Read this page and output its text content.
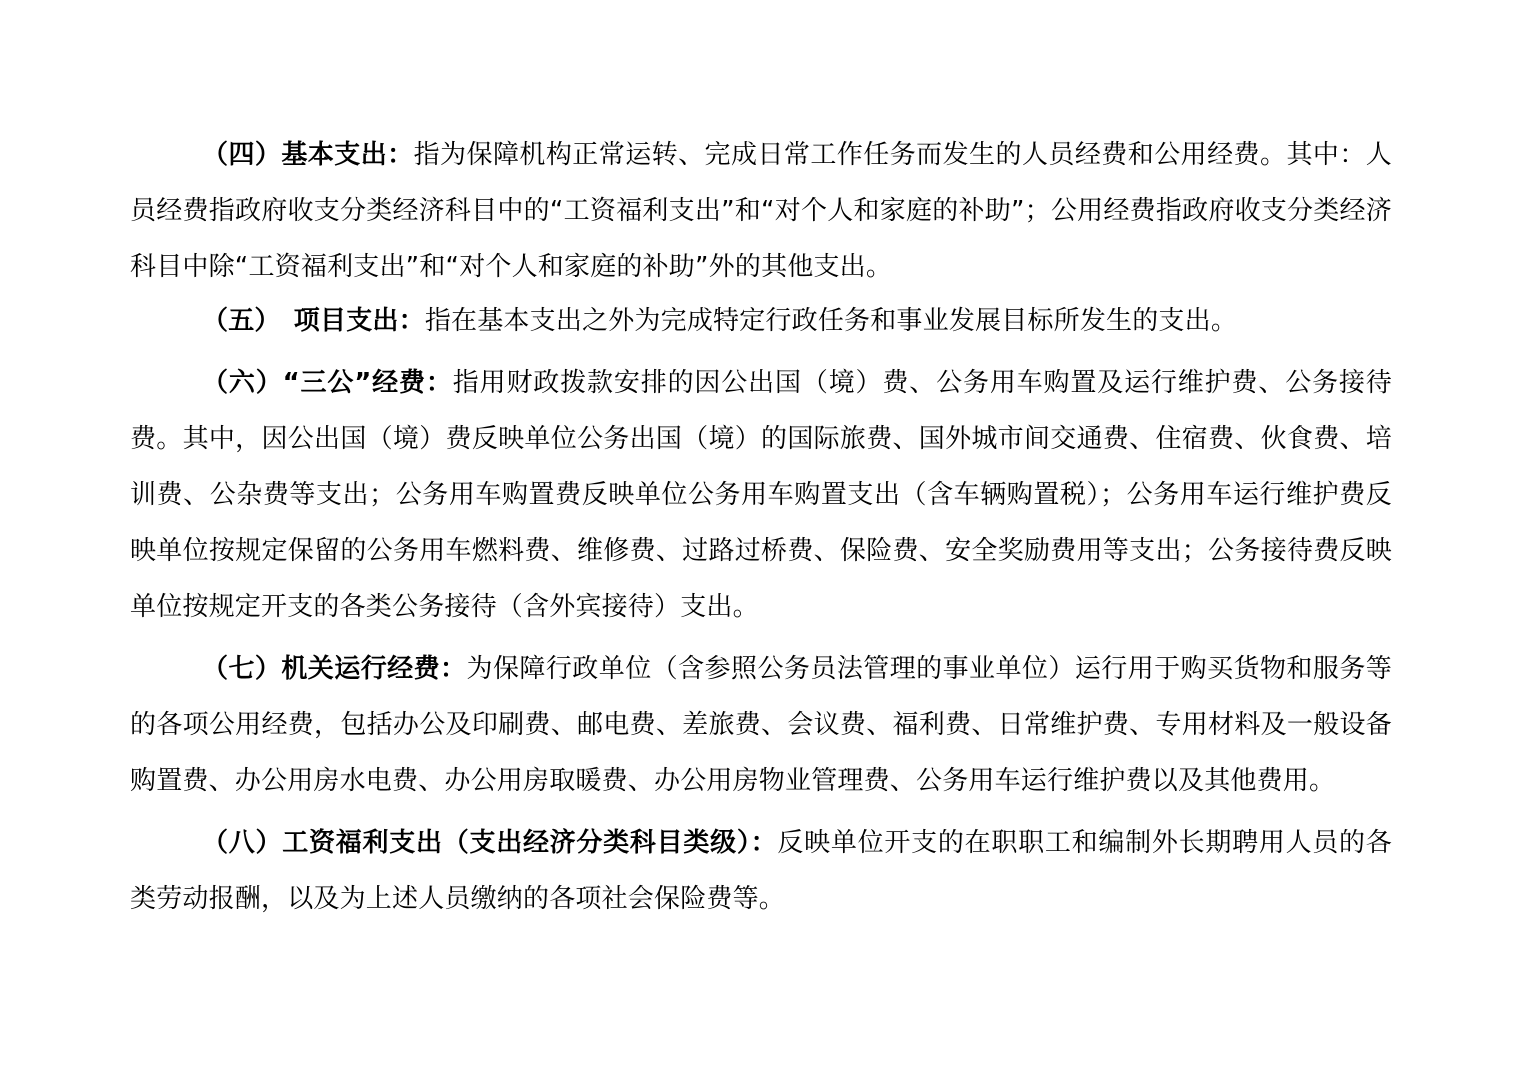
（四）基本支出：指为保障机构正常运转、完成日常工作任务而发生的人员经费和公用经费。其中：人员经费指政府收支分类经济科目中的“工资福利支出”和“对个人和家庭的补助”；公用经费指政府收支分类经济科目中除“工资福利支出”和“对个人和家庭的补助”外的其他支出。

（五）　项目支出：指在基本支出之外为完成特定行政任务和事业发展目标所发生的支出。

（六）“三公”经费：指用财政拨款安排的因公出国（境）费、公务用车购置及运行维护费、公务接待费。其中，因公出国（境）费反映单位公务出国（境）的国际旅费、国外城市间交通费、住宿费、伙食费、培训费、公杂费等支出；公务用车购置费反映单位公务用车购置支出（含车辆购置税）；公务用车运行维护费反映单位按规定保留的公务用车燃料费、维修费、过路过桥费、保险费、安全奖励费用等支出；公务接待费反映单位按规定开支的各类公务接待（含外宾接待）支出。

（七）机关运行经费：为保障行政单位（含参照公务员法管理的事业单位）运行用于购买货物和服务等的各项公用经费，包括办公及印刷费、邮电费、差旅费、会议费、福利费、日常维护费、专用材料及一般设备购置费、办公用房水电费、办公用房取暖费、办公用房物业管理费、公务用车运行维护费以及其他费用。

（八）工资福利支出（支出经济分类科目类级）：反映单位开支的在职职工和编制外长期聘用人员的各类劳动报酬，以及为上述人员缴纳的各项社会保险费等。
